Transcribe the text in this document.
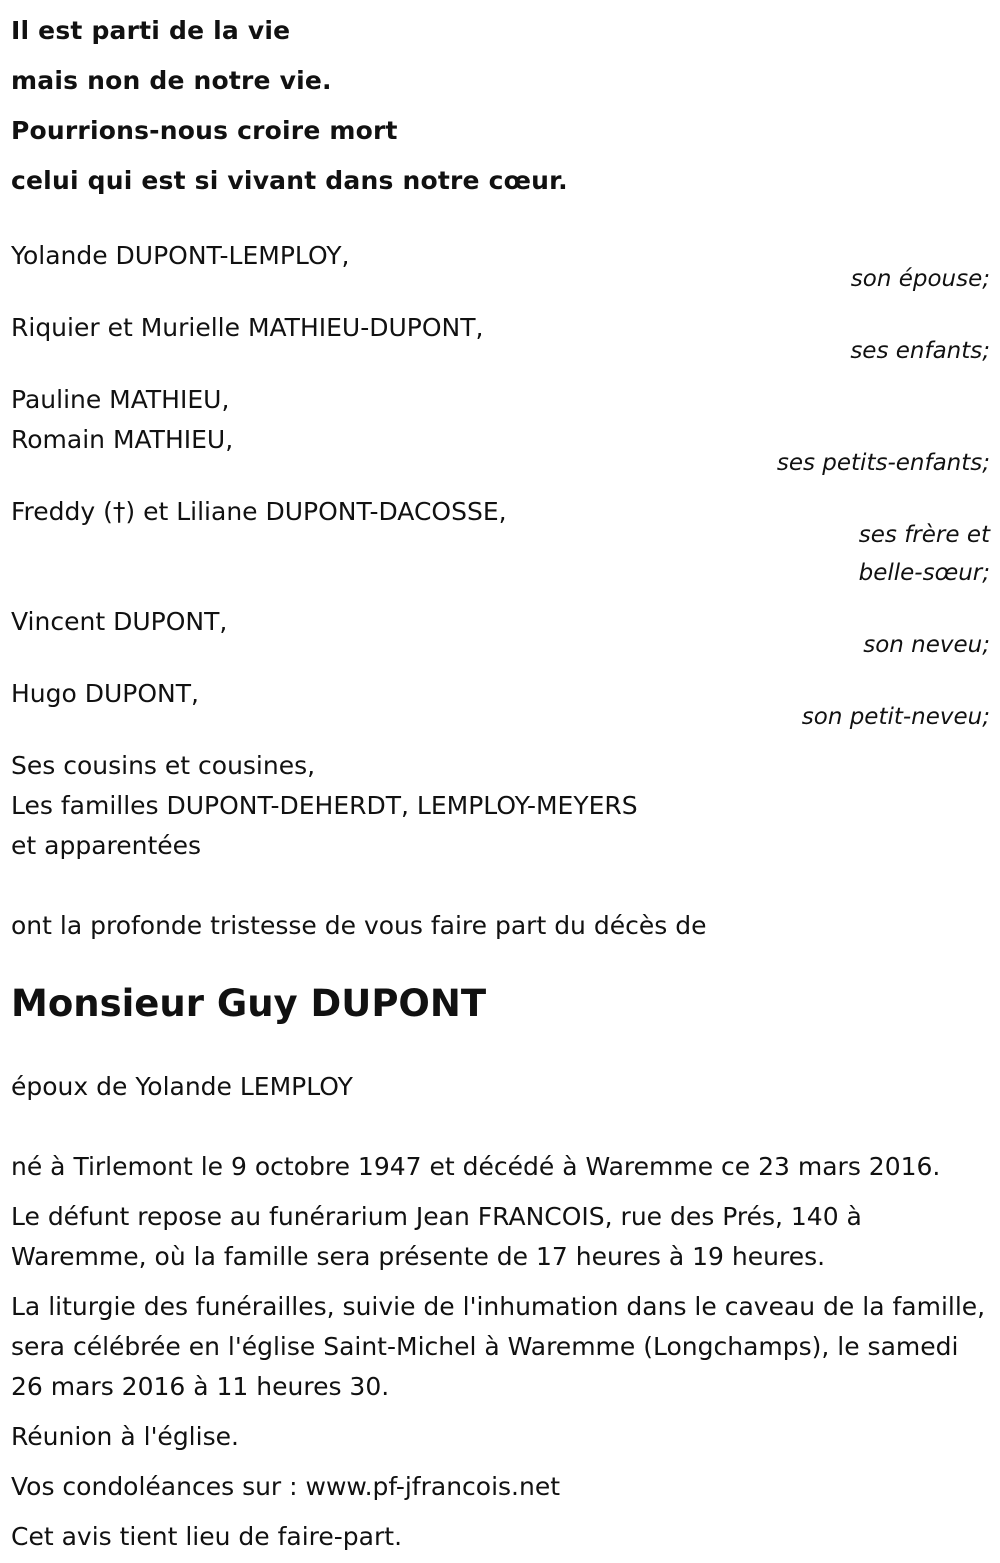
Il est parti de la vie

mais non de notre vie.

Pourrions-nous croire mort

celui qui est si vivant dans notre cœur.

Yolande DUPONT-LEMPLOY,
son épouse;
Riquier et Murielle MATHIEU-DUPONT,
ses enfants;
Pauline MATHIEU,
Romain MATHIEU,
ses petits-enfants;
Freddy (†) et Liliane DUPONT-DACOSSE,
ses frère et
belle-sœur;
Vincent DUPONT,
son neveu;
Hugo DUPONT,
son petit-neveu;
Ses cousins et cousines,
Les familles DUPONT-DEHERDT, LEMPLOY-MEYERS
et apparentées
ont la profonde tristesse de vous faire part du décès de
Monsieur Guy DUPONT
époux de Yolande LEMPLOY

né à Tirlemont le 9 octobre 1947 et décédé à Waremme ce 23 mars 2016.

Le défunt repose au funérarium Jean FRANCOIS, rue des Prés, 140 à Waremme, où la famille sera présente de 17 heures à 19 heures.

La liturgie des funérailles, suivie de l'inhumation dans le caveau de la famille, sera célébrée en l'église Saint-Michel à Waremme (Longchamps), le samedi 26 mars 2016 à 11 heures 30.

Réunion à l'église.

Vos condoléances sur : www.pf-jfrancois.net

Cet avis tient lieu de faire-part.
